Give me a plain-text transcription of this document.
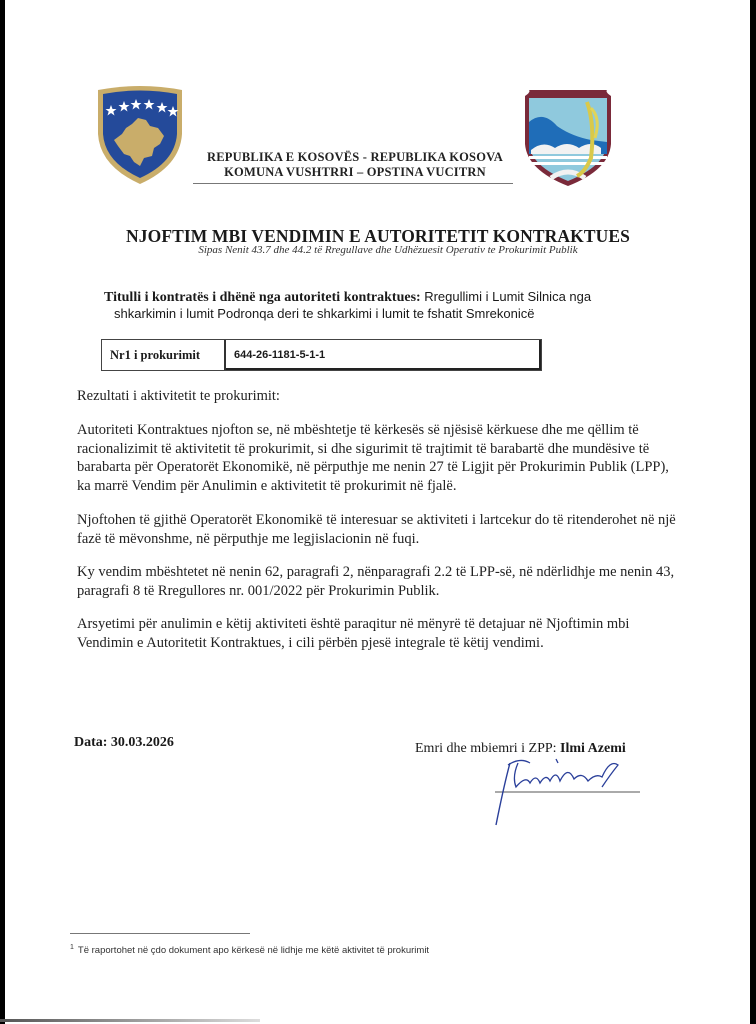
REPUBLIKA E KOSOVËS - REPUBLIKA KOSOVA
KOMUNA VUSHTRRI – OPSTINA VUCITRN
NJOFTIM MBI VENDIMIN E AUTORITETIT KONTRAKTUES
Sipas Nenit 43.7 dhe 44.2 të Rregullave dhe Udhëzuesit Operativ te Prokurimit Publik
Titulli i kontratës i dhënë nga autoriteti kontraktues: Rregullimi i Lumit Silnica nga
shkarkimin i lumit Podronqa deri te shkarkimi i lumit te fshatit Smrekonicë
Nr1 i prokurimit	644-26-1181-5-1-1
Rezultati i aktivitetit te prokurimit:
Autoriteti Kontraktues njofton se, në mbështetje të kërkesës së njësisë kërkuese dhe me qëllim të racionalizimit të aktivitetit të prokurimit, si dhe sigurimit të trajtimit të barabartë dhe mundësive të barabarta për Operatorët Ekonomikë, në përputhje me nenin 27 të Ligjit për Prokurimin Publik (LPP), ka marrë Vendim për Anulimin e aktivitetit të prokurimit në fjalë.
Njoftohen të gjithë Operatorët Ekonomikë të interesuar se aktiviteti i lartcekur do të ritenderohet në një fazë të mëvonshme, në përputhje me legjislacionin në fuqi.
Ky vendim mbështetet në nenin 62, paragrafi 2, nënparagrafi 2.2 të LPP-së, në ndërlidhje me nenin 43, paragrafi 8 të Rregullores nr. 001/2022 për Prokurimin Publik.
Arsyetimi për anulimin e këtij aktiviteti është paraqitur në mënyrë të detajuar në Njoftimin mbi Vendimin e Autoritetit Kontraktues, i cili përbën pjesë integrale të këtij vendimi.
Data: 30.03.2026	Emri dhe mbiemri i ZPP: Ilmi Azemi
$^1$ Të raportohet në çdo dokument apo kërkesë në lidhje me këtë aktivitet të prokurimit
